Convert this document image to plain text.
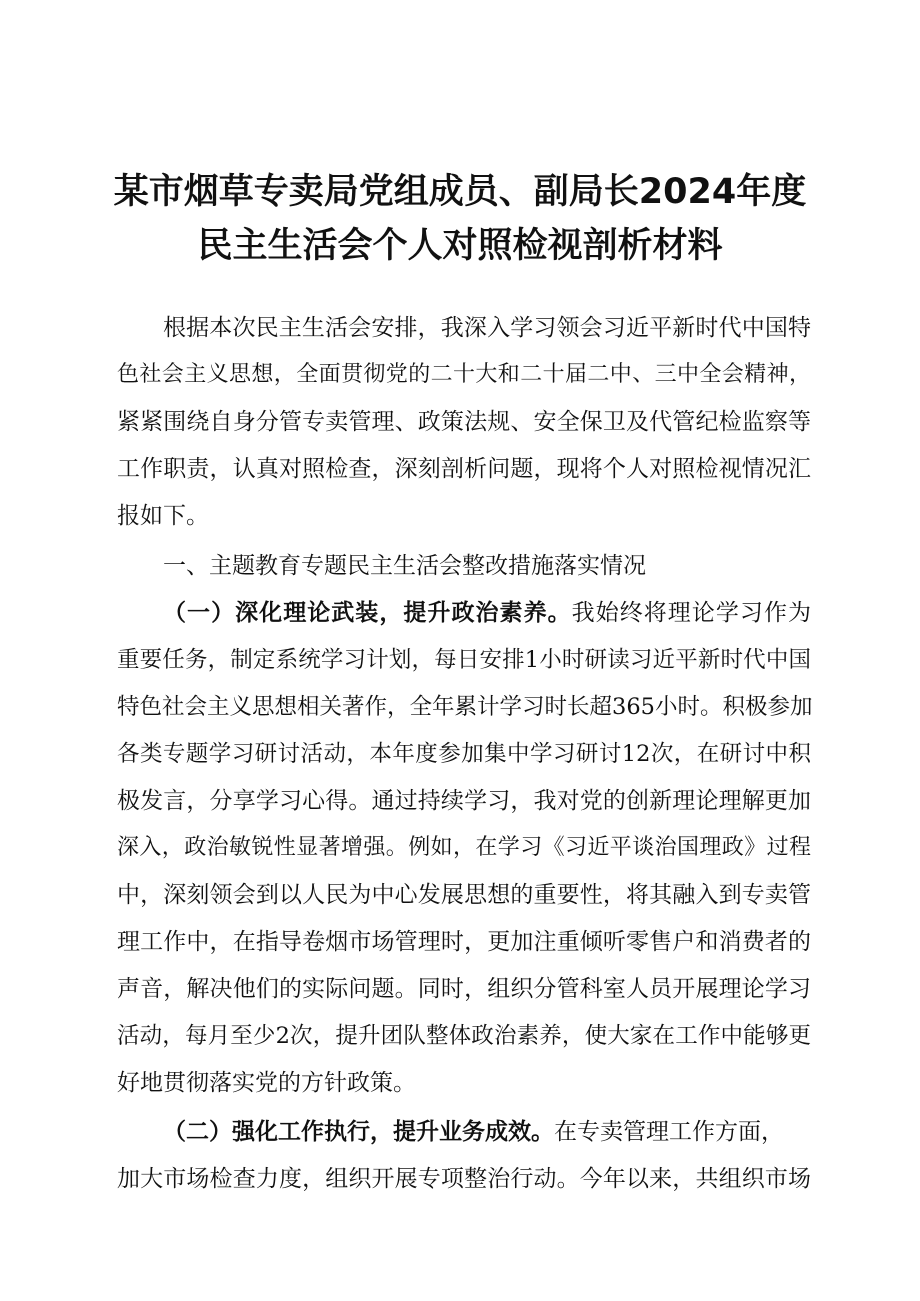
某市烟草专卖局党组成员、副局长2024年度
民主生活会个人对照检视剖析材料
根据本次民主生活会安排，我深入学习领会习近平新时代中国特
色社会主义思想，全面贯彻党的二十大和二十届二中、三中全会精神，
紧紧围绕自身分管专卖管理、政策法规、安全保卫及代管纪检监察等
工作职责，认真对照检查，深刻剖析问题，现将个人对照检视情况汇
报如下。
一、主题教育专题民主生活会整改措施落实情况
（一）深化理论武装，提升政治素养。我始终将理论学习作为
重要任务，制定系统学习计划，每日安排1小时研读习近平新时代中国
特色社会主义思想相关著作，全年累计学习时长超365小时。积极参加
各类专题学习研讨活动，本年度参加集中学习研讨12次，在研讨中积
极发言，分享学习心得。通过持续学习，我对党的创新理论理解更加
深入，政治敏锐性显著增强。例如，在学习《习近平谈治国理政》过程
中，深刻领会到以人民为中心发展思想的重要性，将其融入到专卖管
理工作中，在指导卷烟市场管理时，更加注重倾听零售户和消费者的
声音，解决他们的实际问题。同时，组织分管科室人员开展理论学习
活动，每月至少2次，提升团队整体政治素养，使大家在工作中能够更
好地贯彻落实党的方针政策。
（二）强化工作执行，提升业务成效。在专卖管理工作方面，
加大市场检查力度，组织开展专项整治行动。今年以来，共组织市场
